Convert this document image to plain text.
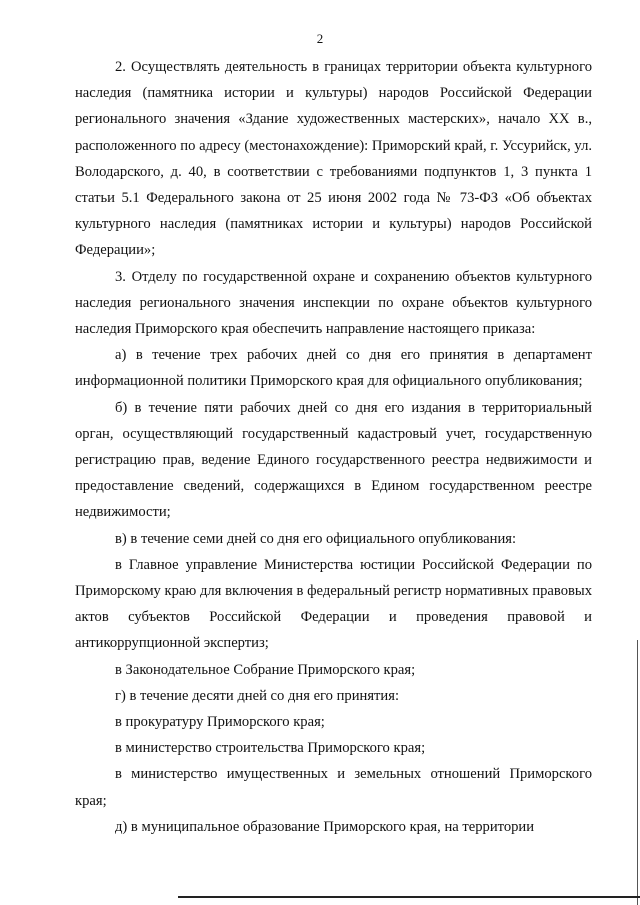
2

2. Осуществлять деятельность в границах территории объекта культурного наследия (памятника истории и культуры) народов Российской Федерации регионального значения «Здание художественных мастерских», начало XX в., расположенного по адресу (местонахождение): Приморский край, г. Уссурийск, ул. Володарского, д. 40, в соответствии с требованиями подпунктов 1, 3 пункта 1 статьи 5.1 Федерального закона от 25 июня 2002 года № 73-ФЗ «Об объектах культурного наследия (памятниках истории и культуры) народов Российской Федерации»;

3. Отделу по государственной охране и сохранению объектов культурного наследия регионального значения инспекции по охране объектов культурного наследия Приморского края обеспечить направление настоящего приказа:

а) в течение трех рабочих дней со дня его принятия в департамент информационной политики Приморского края для официального опубликования;

б) в течение пяти рабочих дней со дня его издания в территориальный орган, осуществляющий государственный кадастровый учет, государственную регистрацию прав, ведение Единого государственного реестра недвижимости и предоставление сведений, содержащихся в Едином государственном реестре недвижимости;

в) в течение семи дней со дня его официального опубликования:

в Главное управление Министерства юстиции Российской Федерации по Приморскому краю для включения в федеральный регистр нормативных правовых актов субъектов Российской Федерации и проведения правовой и антикоррупционной экспертиз;

в Законодательное Собрание Приморского края;

г) в течение десяти дней со дня его принятия:

в прокуратуру Приморского края;

в министерство строительства Приморского края;

в министерство имущественных и земельных отношений Приморского края;

д) в муниципальное образование Приморского края, на территории
